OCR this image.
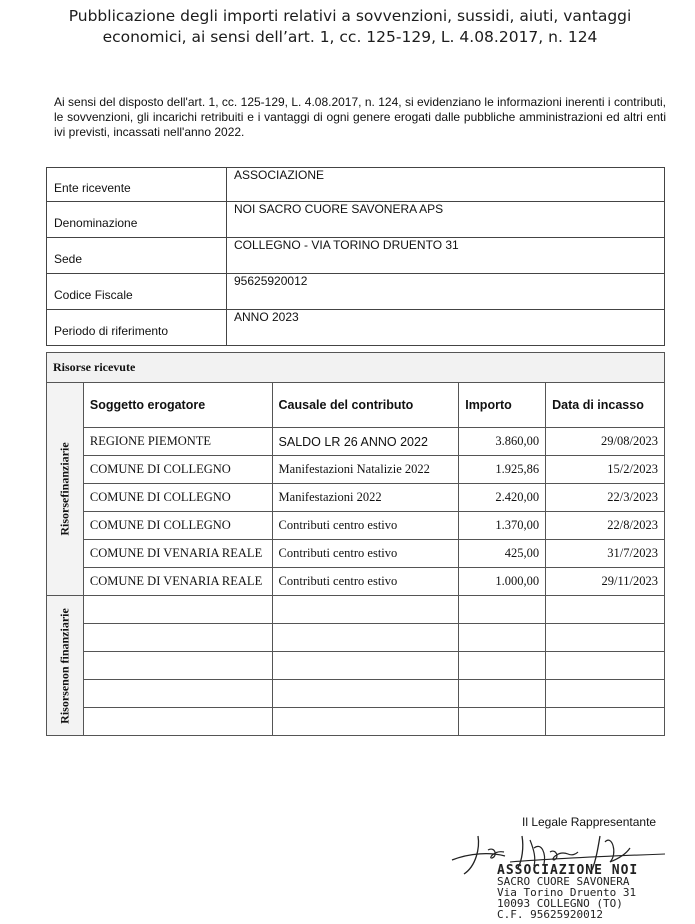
Pubblicazione degli importi relativi a sovvenzioni, sussidi, aiuti, vantaggi economici, ai sensi dell’art. 1, cc. 125-129, L. 4.08.2017, n. 124

Ai sensi del disposto dell'art. 1, cc. 125-129, L. 4.08.2017, n. 124, si evidenziano le informazioni inerenti i contributi, le sovvenzioni, gli incarichi retribuiti e i vantaggi di ogni genere erogati dalle pubbliche amministrazioni ed altri enti ivi previsti, incassati nell'anno 2022.

Ente ricevente	ASSOCIAZIONE
Denominazione	NOI SACRO CUORE SAVONERA APS
Sede	COLLEGNO - VIA TORINO DRUENTO 31
Codice Fiscale	95625920012
Periodo di riferimento	ANNO 2023
Risorse ricevute				

Risorsefinanziarie	Soggetto erogatore	Causale del contributo	Importo	Data di incasso
	REGIONE PIEMONTE	SALDO LR 26 ANNO 2022	3.860,00	29/08/2023
	COMUNE DI COLLEGNO	Manifestazioni Natalizie 2022	1.925,86	15/2/2023
	COMUNE DI COLLEGNO	Manifestazioni 2022	2.420,00	22/3/2023
	COMUNE DI COLLEGNO	Contributi centro estivo	1.370,00	22/8/2023
	COMUNE DI VENARIA REALE	Contributi centro estivo	425,00	31/7/2023
	COMUNE DI VENARIA REALE	Contributi centro estivo	1.000,00	29/11/2023

Risorsenon finanziarie				

Il Legale Rappresentante
ASSOCIAZIONE NOI
SACRO CUORE SAVONERA
Via Torino Druento 31
10093 COLLEGNO (TO)
C.F. 95625920012
